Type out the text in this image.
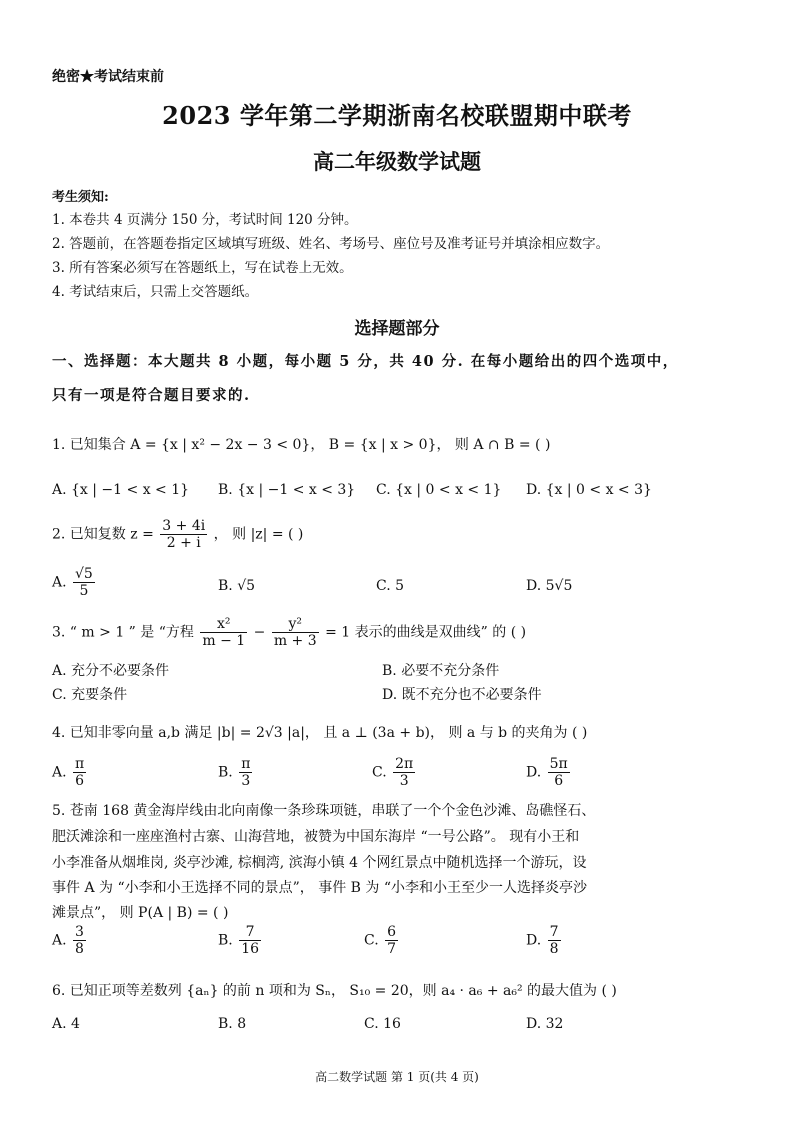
绝密★考试结束前
2023 学年第二学期浙南名校联盟期中联考
高二年级数学试题
考生须知:
1. 本卷共 4 页满分 150 分，考试时间 120 分钟。
2. 答题前，在答题卷指定区域填写班级、姓名、考场号、座位号及准考证号并填涂相应数字。
3. 所有答案必须写在答题纸上，写在试卷上无效。
4. 考试结束后，只需上交答题纸。
选择题部分
一、选择题：本大题共 8 小题，每小题 5 分，共 40 分. 在每小题给出的四个选项中，
只有一项是符合题目要求的.
1. 已知集合 A = {x | x² − 2x − 3 < 0}， B = {x | x > 0}， 则 A ∩ B = ( )
A. {x | −1 < x < 1} B. {x | −1 < x < 3} C. {x | 0 < x < 1} D. {x | 0 < x < 3}
2. 已知复数 $z = \frac{3 + 4i}{2 + i}$ ， 则 |z| = ( )
A. $\frac{√5}{5}$	B. √5	C. 5	D. 5√5
3. “ m > 1 ” 是 “方程 $\frac{\text{x²}}{m - 1} - \frac{\text{y²}}{m + 3} = 1$ 表示的曲线是双曲线” 的 ( )
A. 充分不必要条件	B. 必要不充分条件
C. 充要条件	D. 既不充分也不必要条件
4. 已知非零向量 a,b 满足 |b| = 2√3 |a|， 且 a ⊥ (3a + b)， 则 a 与 b 的夹角为 ( )
A. $\frac{\pi}{6}$	B. $\frac{\pi}{3}$	C. $\frac{2\pi}{3}$	D. $\frac{5\pi}{6}$
5. 苍南 168 黄金海岸线由北向南像一条珍珠项链，串联了一个个金色沙滩、岛礁怪石、
肥沃滩涂和一座座渔村古寨、山海营地，被赞为中国东海岸 “一号公路”。 现有小王和
小李准备从烟堆岗, 炎亭沙滩, 棕榈湾, 滨海小镇 4 个网红景点中随机选择一个游玩，设
事件 A 为 “小李和小王选择不同的景点”， 事件 B 为 “小李和小王至少一人选择炎亭沙
滩景点”， 则 P(A | B) = ( )
A. $\frac{3}{8}$	B. $\frac{7}{16}$	C. $\frac{6}{7}$	D. $\frac{7}{8}$
6. 已知正项等差数列 {aₙ} 的前 n 项和为 Sₙ， S₁₀ = 20，则 a₄ · a₆ + a₆² 的最大值为 ( )
A. 4	B. 8	C. 16	D. 32
高二数学试题 第 1 页(共 4 页)
